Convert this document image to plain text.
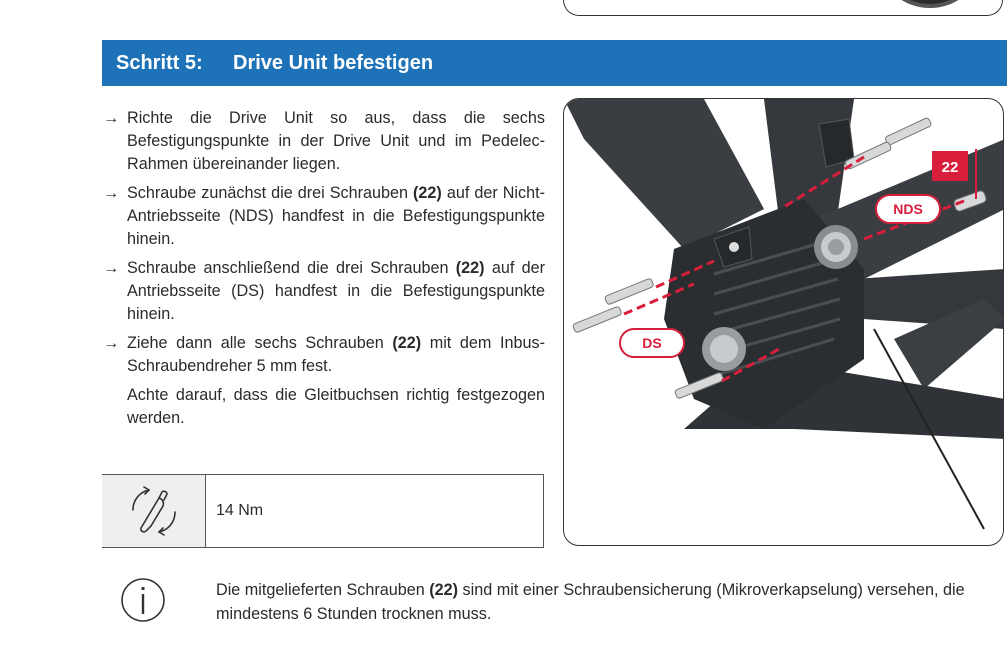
Schritt 5:	Drive Unit befestigen
→ Richte die Drive Unit so aus, dass die sechs Befestigungspunkte in der Drive Unit und im Pedelec-Rahmen übereinander liegen.
→ Schraube zunächst die drei Schrauben (22) auf der Nicht-Antriebsseite (NDS) handfest in die Befestigungspunkte hinein.
→ Schraube anschließend die drei Schrauben (22) auf der Antriebsseite (DS) handfest in die Befestigungspunkte hinein.
→ Ziehe dann alle sechs Schrauben (22) mit dem Inbus-Schraubendreher 5 mm fest.
Achte darauf, dass die Gleitbuchsen richtig festgezogen werden.
14 Nm
22
NDS
DS
Die mitgelieferten Schrauben (22) sind mit einer Schraubensicherung (Mikroverkapselung) versehen, die mindestens 6 Stunden trocknen muss.
